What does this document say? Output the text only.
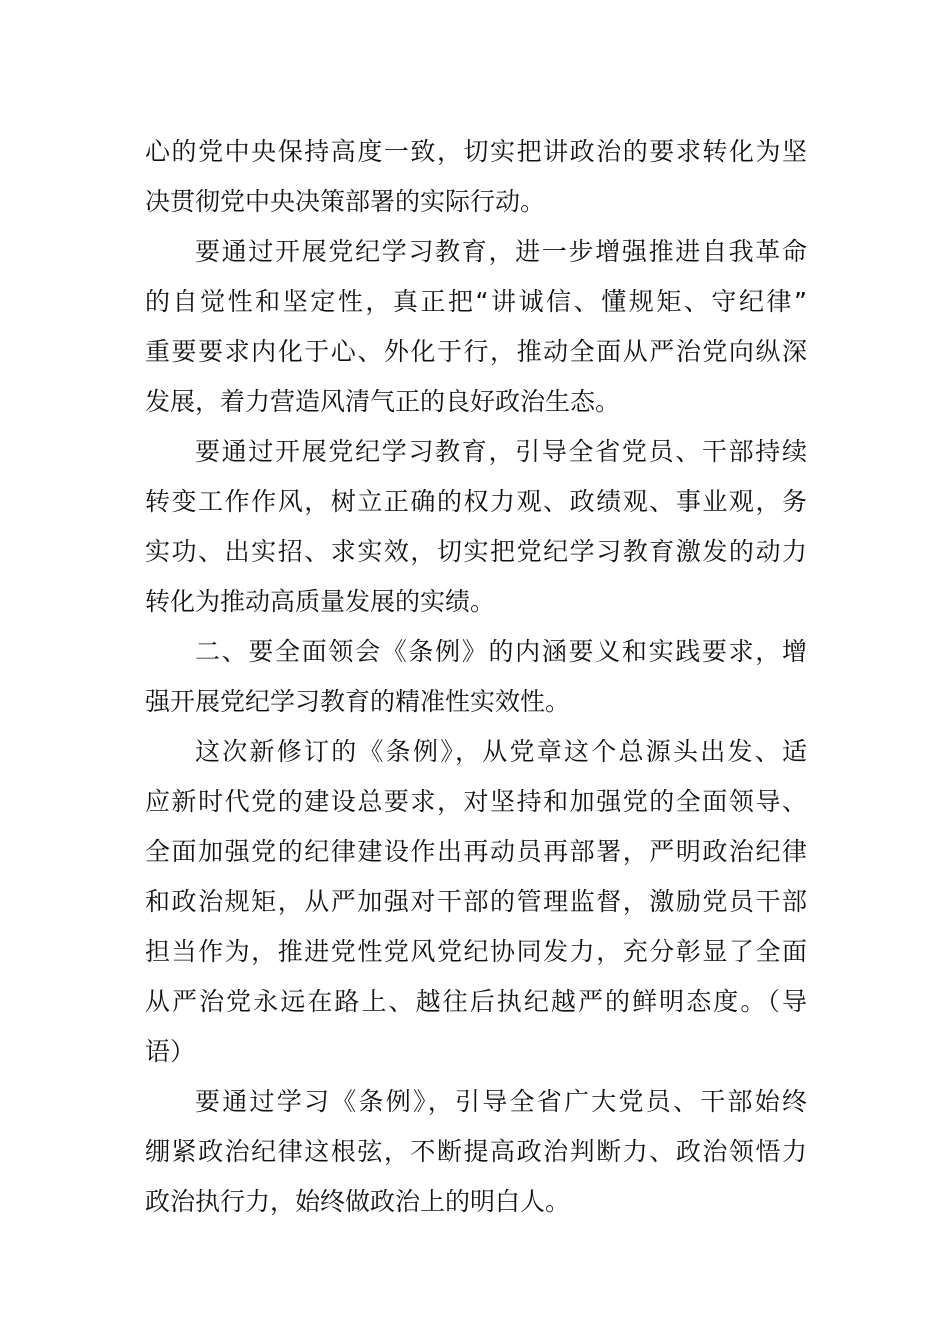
心的党中央保持高度一致，切实把讲政治的要求转化为坚
决贯彻党中央决策部署的实际行动。
要通过开展党纪学习教育，进一步增强推进自我革命
的自觉性和坚定性，真正把“讲诚信、懂规矩、守纪律”
重要要求内化于心、外化于行，推动全面从严治党向纵深
发展，着力营造风清气正的良好政治生态。
要通过开展党纪学习教育，引导全省党员、干部持续
转变工作作风，树立正确的权力观、政绩观、事业观，务
实功、出实招、求实效，切实把党纪学习教育激发的动力
转化为推动高质量发展的实绩。
二、要全面领会《条例》的内涵要义和实践要求，增
强开展党纪学习教育的精准性实效性。
这次新修订的《条例》，从党章这个总源头出发、适
应新时代党的建设总要求，对坚持和加强党的全面领导、
全面加强党的纪律建设作出再动员再部署，严明政治纪律
和政治规矩，从严加强对干部的管理监督，激励党员干部
担当作为，推进党性党风党纪协同发力，充分彰显了全面
从严治党永远在路上、越往后执纪越严的鲜明态度。（导
语）
要通过学习《条例》，引导全省广大党员、干部始终
绷紧政治纪律这根弦，不断提高政治判断力、政治领悟力
政治执行力，始终做政治上的明白人。
